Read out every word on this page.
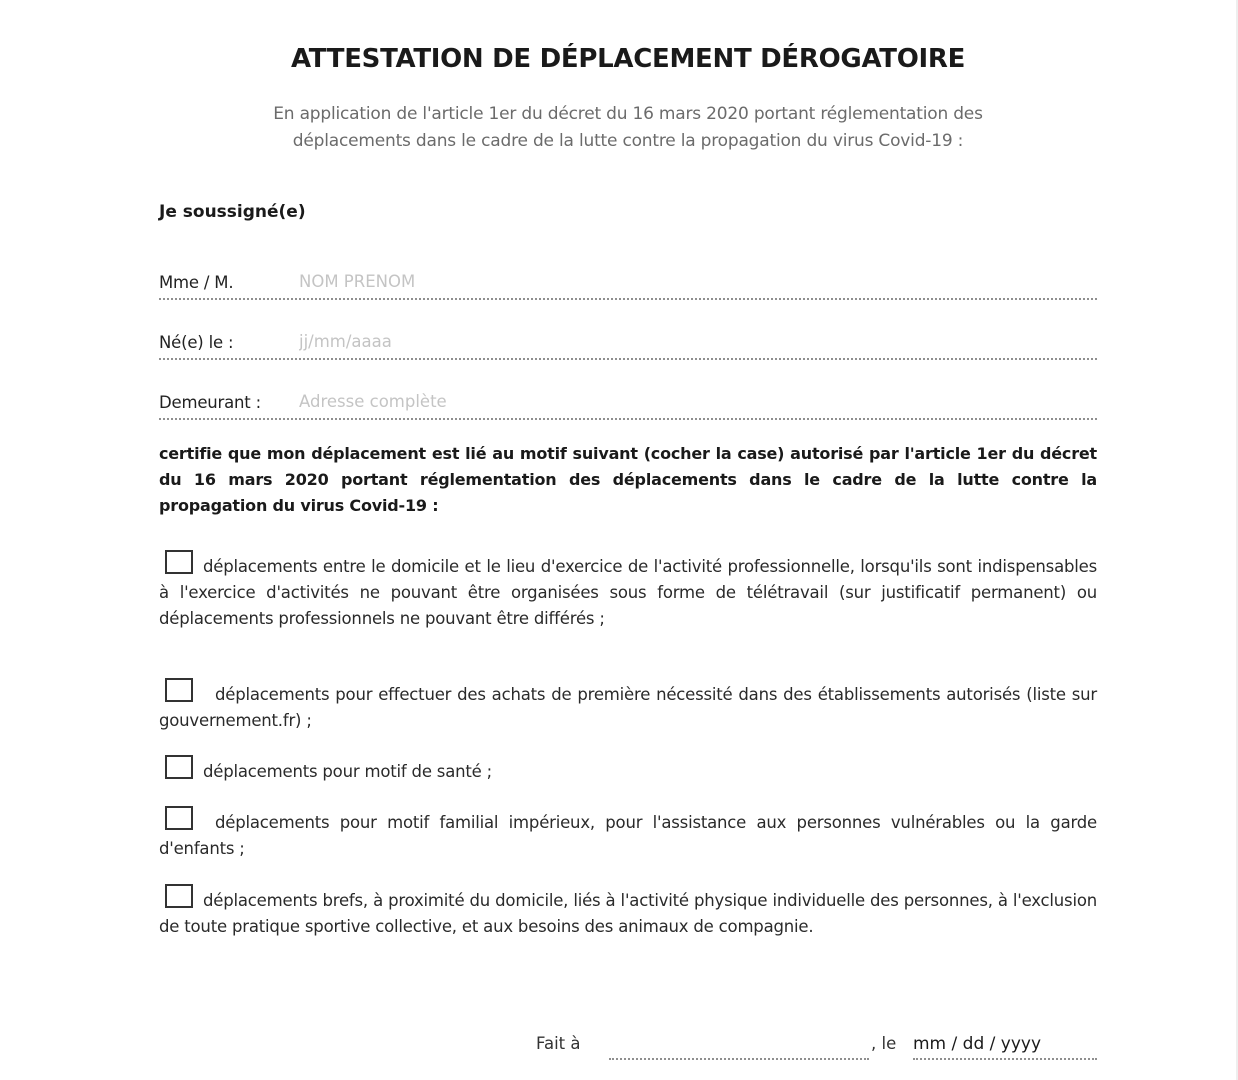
ATTESTATION DE DÉPLACEMENT DÉROGATOIRE
En application de l'article 1er du décret du 16 mars 2020 portant réglementation des
déplacements dans le cadre de la lutte contre la propagation du virus Covid-19 :
Je soussigné(e)
Mme / M.
NOM PRENOM
Né(e) le :
jj/mm/aaaa
Demeurant :
Adresse complète
certifie que mon déplacement est lié au motif suivant (cocher la case) autorisé par l'article 1er du décret du 16 mars 2020 portant réglementation des déplacements dans le cadre de la lutte contre la propagation du virus Covid-19 :
déplacements entre le domicile et le lieu d'exercice de l'activité professionnelle, lorsqu'ils sont indispensables à l'exercice d'activités ne pouvant être organisées sous forme de télétravail (sur justificatif permanent) ou déplacements professionnels ne pouvant être différés ;
déplacements pour effectuer des achats de première nécessité dans des établissements autorisés (liste sur gouvernement.fr) ;
déplacements pour motif de santé ;
déplacements pour motif familial impérieux, pour l'assistance aux personnes vulnérables ou la garde d'enfants ;
déplacements brefs, à proximité du domicile, liés à l'activité physique individuelle des personnes, à l'exclusion de toute pratique sportive collective, et aux besoins des animaux de compagnie.
Fait à	, le
mm / dd / yyyy
